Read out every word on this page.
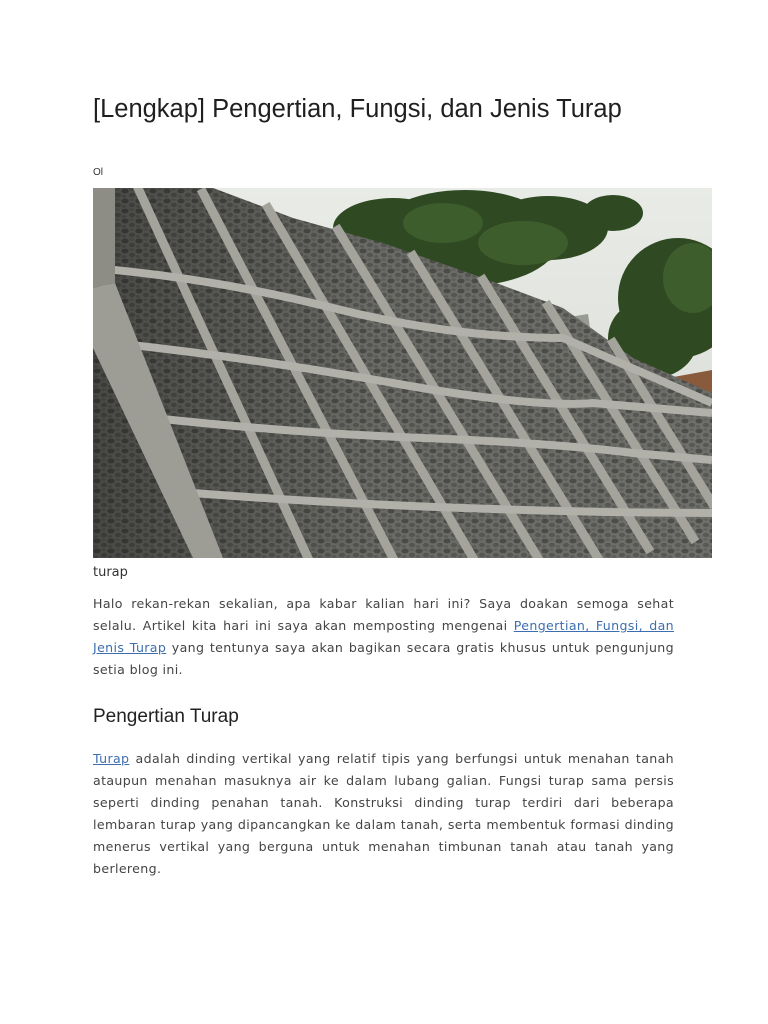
[Lengkap] Pengertian, Fungsi, dan Jenis Turap
Ol
turap

Halo rekan-rekan sekalian, apa kabar kalian hari ini? Saya doakan semoga sehat selalu. Artikel kita hari ini saya akan memposting mengenai Pengertian, Fungsi, dan Jenis Turap yang tentunya saya akan bagikan secara gratis khusus untuk pengunjung setia blog ini.

Pengertian Turap

Turap adalah dinding vertikal yang relatif tipis yang berfungsi untuk menahan tanah ataupun menahan masuknya air ke dalam lubang galian. Fungsi turap sama persis seperti dinding penahan tanah. Konstruksi dinding turap terdiri dari beberapa lembaran turap yang dipancangkan ke dalam tanah, serta membentuk formasi dinding menerus vertikal yang berguna untuk menahan timbunan tanah atau tanah yang berlereng.
